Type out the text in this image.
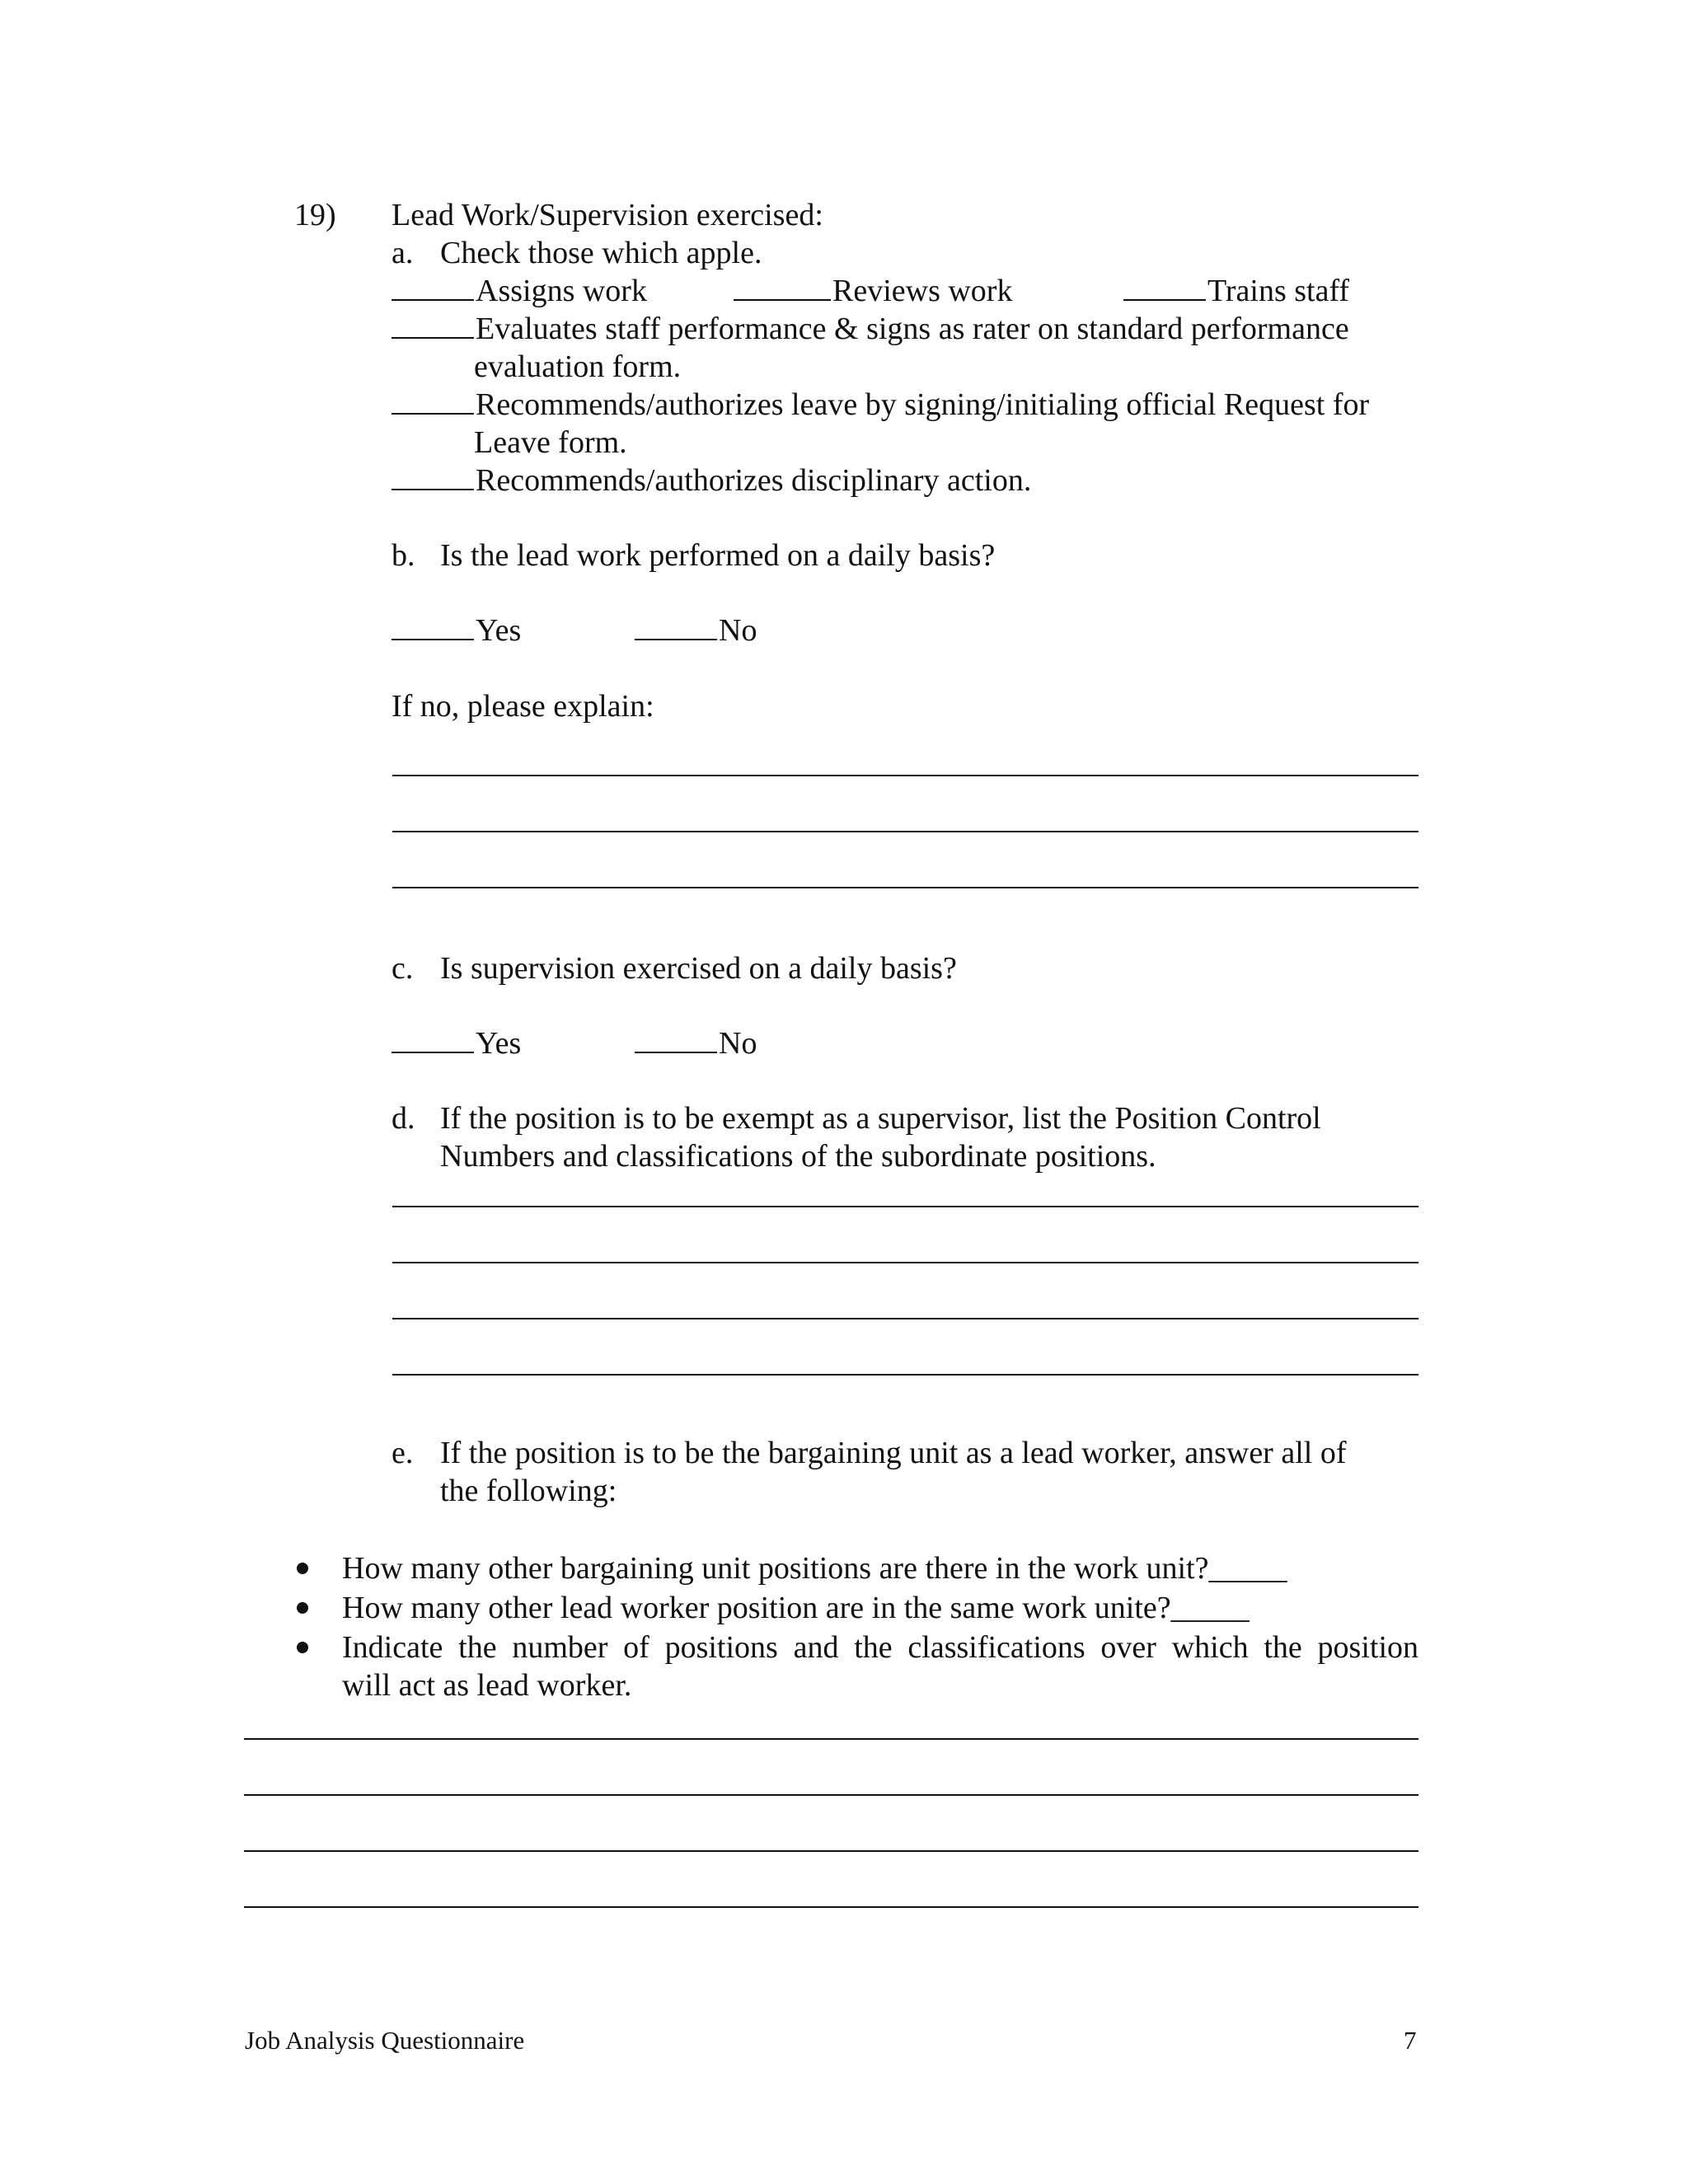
19) Lead Work/Supervision exercised:
a. Check those which apple.
Assigns work	Reviews work	Trains staff
Evaluates staff performance & signs as rater on standard performance
evaluation form.
Recommends/authorizes leave by signing/initialing official Request for
Leave form.
Recommends/authorizes disciplinary action.
b. Is the lead work performed on a daily basis?
Yes	No
If no, please explain:
c. Is supervision exercised on a daily basis?
Yes	No
d. If the position is to be exempt as a supervisor, list the Position Control
Numbers and classifications of the subordinate positions.
e. If the position is to be the bargaining unit as a lead worker, answer all of
the following:
How many other bargaining unit positions are there in the work unit?_____
How many other lead worker position are in the same work unite?_____
Indicate the number of positions and the classifications over which the position
will act as lead worker.
Job Analysis Questionnaire	7
